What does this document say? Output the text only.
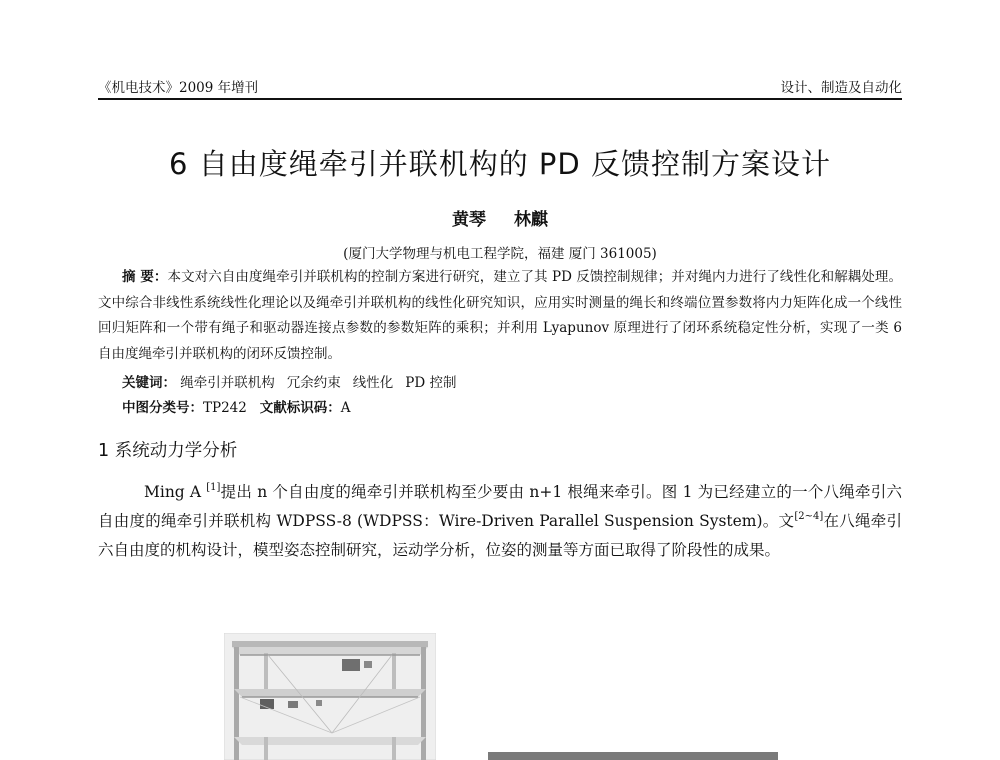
《机电技术》2009 年增刊	设计、制造及自动化
6 自由度绳牵引并联机构的 PD 反馈控制方案设计
黄琴 林麒
(厦门大学物理与机电工程学院，福建 厦门 361005)
摘 要：本文对六自由度绳牵引并联机构的控制方案进行研究，建立了其 PD 反馈控制规律；并对绳内力进行了线性化和解耦处理。文中综合非线性系统线性化理论以及绳牵引并联机构的线性化研究知识，应用实时测量的绳长和终端位置参数将内力矩阵化成一个线性回归矩阵和一个带有绳子和驱动器连接点参数的参数矩阵的乘积；并利用 Lyapunov 原理进行了闭环系统稳定性分析，实现了一类 6 自由度绳牵引并联机构的闭环反馈控制。
关键词： 绳牵引并联机构 冗余约束 线性化 PD 控制
中图分类号：TP242 文献标识码：A
1 系统动力学分析
Ming A [1]提出 n 个自由度的绳牵引并联机构至少要由 n+1 根绳来牵引。图 1 为已经建立的一个八绳牵引六自由度的绳牵引并联机构 WDPSS-8 (WDPSS：Wire-Driven Parallel Suspension System)。文[2~4]在八绳牵引六自由度的机构设计，模型姿态控制研究，运动学分析，位姿的测量等方面已取得了阶段性的成果。
